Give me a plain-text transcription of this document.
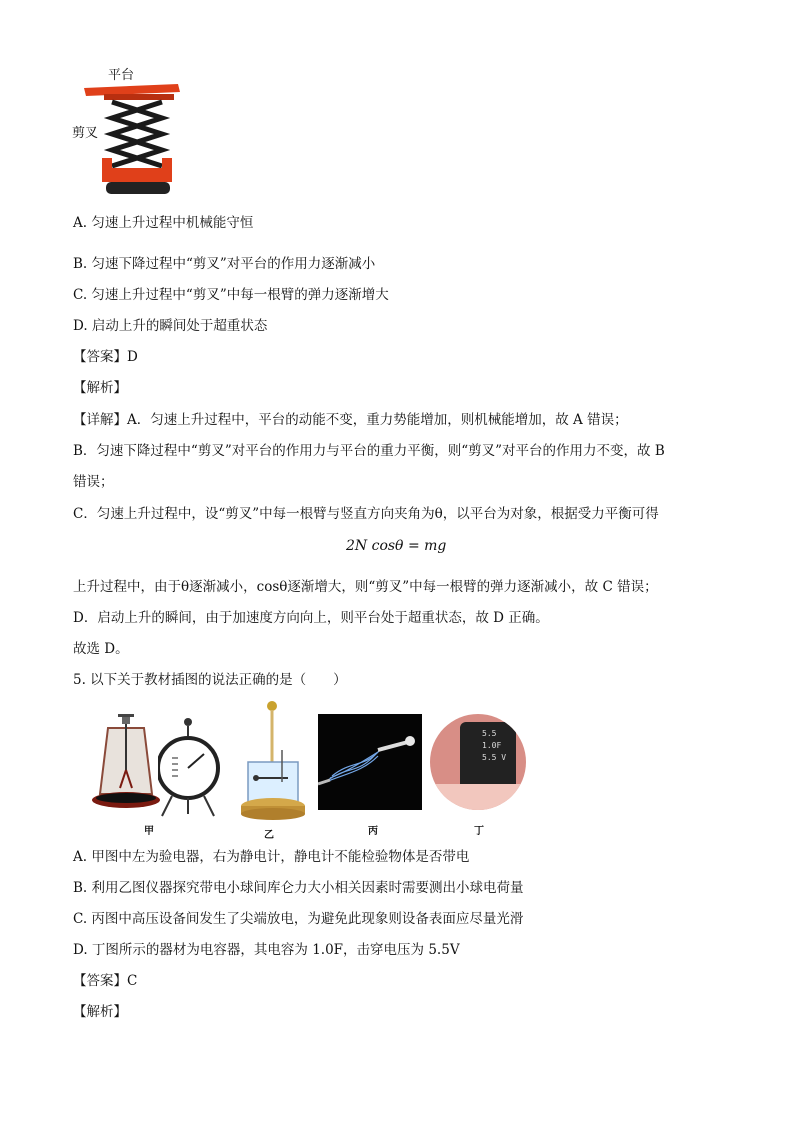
平台
剪叉
A. 匀速上升过程中机械能守恒
B. 匀速下降过程中“剪叉”对平台的作用力逐渐减小
C. 匀速上升过程中“剪叉”中每一根臂的弹力逐渐增大
D. 启动上升的瞬间处于超重状态
【答案】D
【解析】
【详解】A．匀速上升过程中，平台的动能不变，重力势能增加，则机械能增加，故 A 错误；
B．匀速下降过程中“剪叉”对平台的作用力与平台的重力平衡，则“剪叉”对平台的作用力不变，故 B
错误；
C．匀速上升过程中，设“剪叉”中每一根臂与竖直方向夹角为θ，以平台为对象，根据受力平衡可得
2N cosθ = mg
上升过程中，由于θ逐渐减小，cosθ逐渐增大，则“剪叉”中每一根臂的弹力逐渐减小，故 C 错误；
D．启动上升的瞬间，由于加速度方向向上，则平台处于超重状态，故 D 正确。
故选 D。
5. 以下关于教材插图的说法正确的是（　　）
5.5
1.0F
5.5 V
甲	乙	丙	丁
A. 甲图中左为验电器，右为静电计，静电计不能检验物体是否带电
B. 利用乙图仪器探究带电小球间库仑力大小相关因素时需要测出小球电荷量
C. 丙图中高压设备间发生了尖端放电，为避免此现象则设备表面应尽量光滑
D. 丁图所示的器材为电容器，其电容为 1.0F，击穿电压为 5.5V
【答案】C
【解析】
